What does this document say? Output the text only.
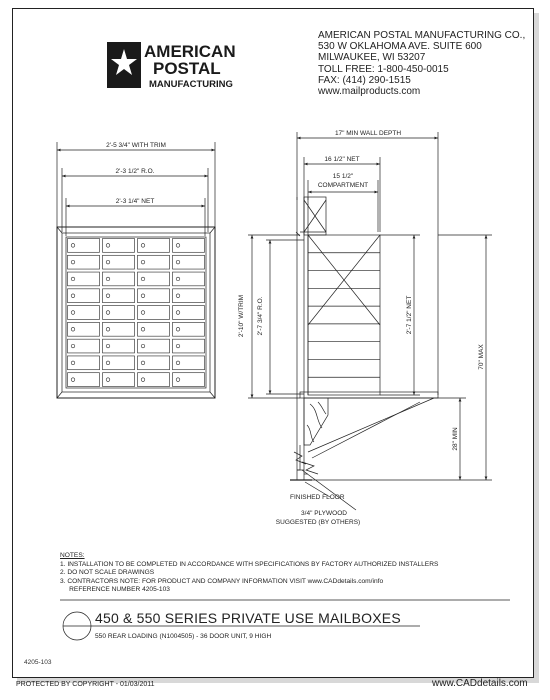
AMERICAN
POSTAL
MANUFACTURING
AMERICAN POSTAL MANUFACTURING CO.,
530 W OKLAHOMA AVE. SUITE 600
MILWAUKEE, WI 53207
TOLL FREE: 1-800-450-0015
FAX: (414) 290-1515
www.mailproducts.com
2'-5 3/4" WITH TRIM
2'-3 1/2" R.O.
2'-3 1/4" NET
17" MIN WALL DEPTH
16 1/2" NET
15 1/2"
COMPARTMENT
2'-10" W/TRIM 2'-7 3/4" R.O.	2'-7 1/2" NET
70" MAX
28" MIN
FINISHED FLOOR
3/4" PLYWOOD
SUGGESTED (BY OTHERS)
NOTES:
1. INSTALLATION TO BE COMPLETED IN ACCORDANCE WITH SPECIFICATIONS BY FACTORY AUTHORIZED INSTALLERS
2. DO NOT SCALE DRAWINGS
3. CONTRACTORS NOTE: FOR PRODUCT AND COMPANY INFORMATION VISIT www.CADdetails.com/info
REFERENCE NUMBER 4205-103
450 & 550 SERIES PRIVATE USE MAILBOXES
550 REAR LOADING (N1004505) - 36 DOOR UNIT, 9 HIGH
4205-103
PROTECTED BY COPYRIGHT - 01/03/2011	www.CADdetails.com
